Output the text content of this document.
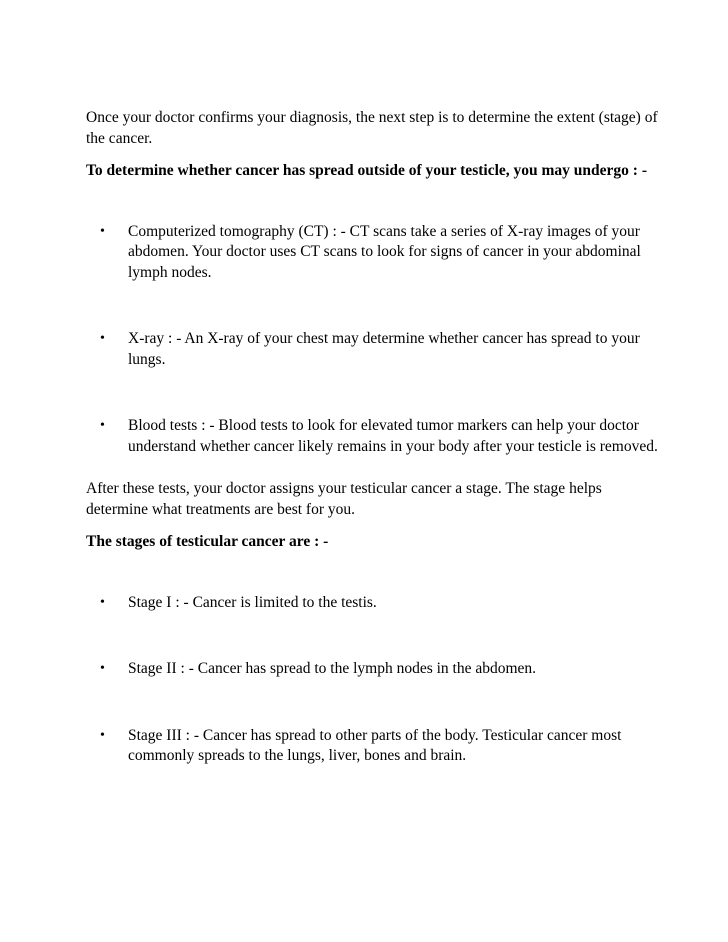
Once your doctor confirms your diagnosis, the next step is to determine the extent (stage) of the cancer.

To determine whether cancer has spread outside of your testicle, you may undergo : -

• Computerized tomography (CT) : - CT scans take a series of X-ray images of your abdomen. Your doctor uses CT scans to look for signs of cancer in your abdominal lymph nodes.
• X-ray : - An X-ray of your chest may determine whether cancer has spread to your lungs.
• Blood tests : - Blood tests to look for elevated tumor markers can help your doctor understand whether cancer likely remains in your body after your testicle is removed.

After these tests, your doctor assigns your testicular cancer a stage. The stage helps determine what treatments are best for you.

The stages of testicular cancer are : -

• Stage I : - Cancer is limited to the testis.
• Stage II : - Cancer has spread to the lymph nodes in the abdomen.
• Stage III : - Cancer has spread to other parts of the body. Testicular cancer most commonly spreads to the lungs, liver, bones and brain.
